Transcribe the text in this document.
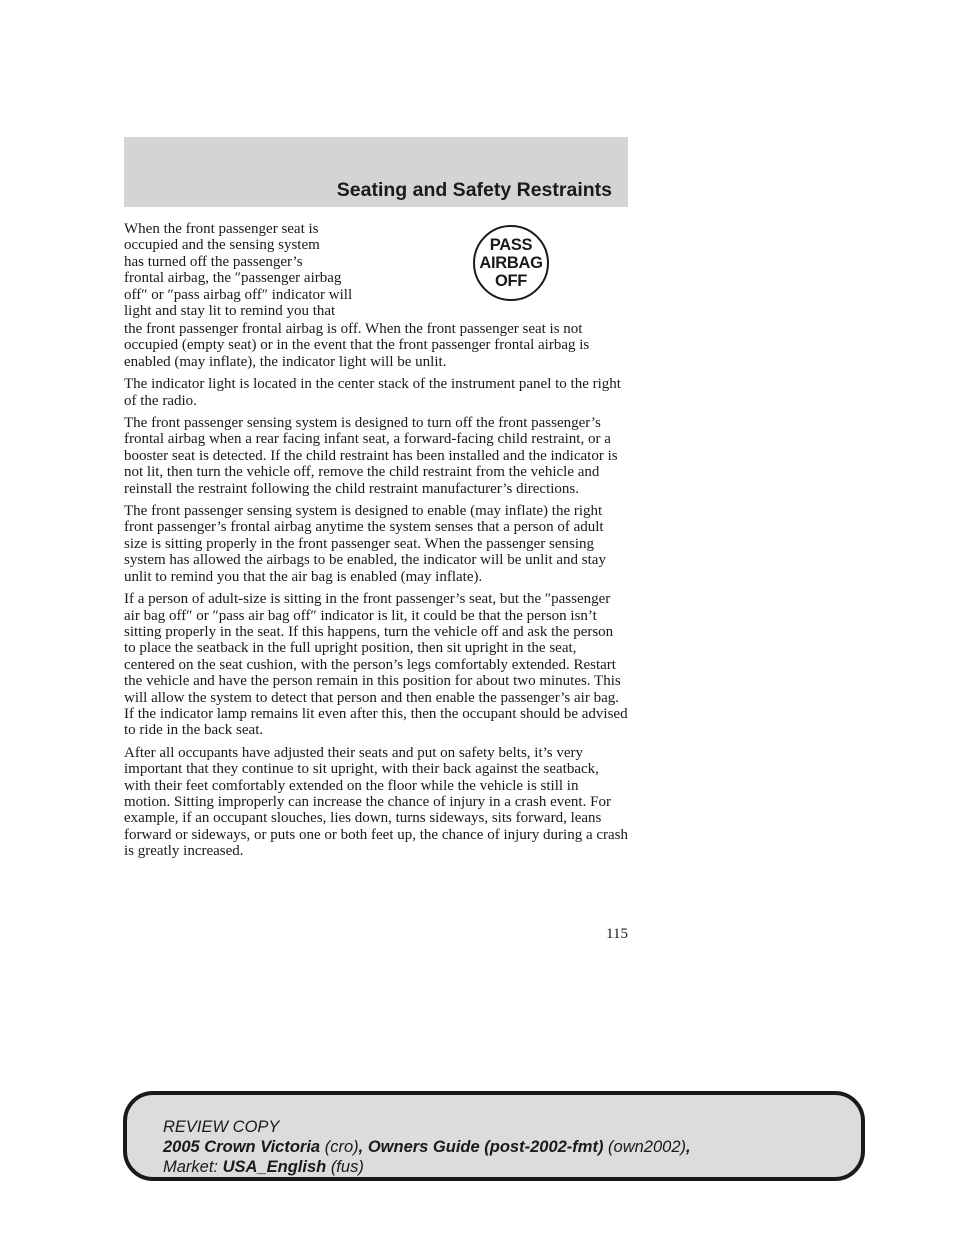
Seating and Safety Restraints
When the front passenger seat is
occupied and the sensing system
has turned off the passenger’s
frontal airbag, the ″passenger airbag
off″ or ″pass airbag off″ indicator will
light and stay lit to remind you that
PASS
AIRBAG
OFF

the front passenger frontal airbag is off. When the front passenger seat is not occupied (empty seat) or in the event that the front passenger frontal airbag is enabled (may inflate), the indicator light will be unlit.

The indicator light is located in the center stack of the instrument panel to the right of the radio.

The front passenger sensing system is designed to turn off the front passenger’s frontal airbag when a rear facing infant seat, a forward-facing child restraint, or a booster seat is detected. If the child restraint has been installed and the indicator is not lit, then turn the vehicle off, remove the child restraint from the vehicle and reinstall the restraint following the child restraint manufacturer’s directions.

The front passenger sensing system is designed to enable (may inflate) the right front passenger’s frontal airbag anytime the system senses that a person of adult size is sitting properly in the front passenger seat. When the passenger sensing system has allowed the airbags to be enabled, the indicator will be unlit and stay unlit to remind you that the air bag is enabled (may inflate).

If a person of adult-size is sitting in the front passenger’s seat, but the ″passenger air bag off″ or ″pass air bag off″ indicator is lit, it could be that the person isn’t sitting properly in the seat. If this happens, turn the vehicle off and ask the person to place the seatback in the full upright position, then sit upright in the seat, centered on the seat cushion, with the person’s legs comfortably extended. Restart the vehicle and have the person remain in this position for about two minutes. This will allow the system to detect that person and then enable the passenger’s air bag. If the indicator lamp remains lit even after this, then the occupant should be advised to ride in the back seat.

After all occupants have adjusted their seats and put on safety belts, it’s very important that they continue to sit upright, with their back against the seatback, with their feet comfortably extended on the floor while the vehicle is still in motion. Sitting improperly can increase the chance of injury in a crash event. For example, if an occupant slouches, lies down, turns sideways, sits forward, leans forward or sideways, or puts one or both feet up, the chance of injury during a crash is greatly increased.

115
REVIEW COPY
2005 Crown Victoria (cro), Owners Guide (post-2002-fmt) (own2002),
Market: USA_English (fus)
